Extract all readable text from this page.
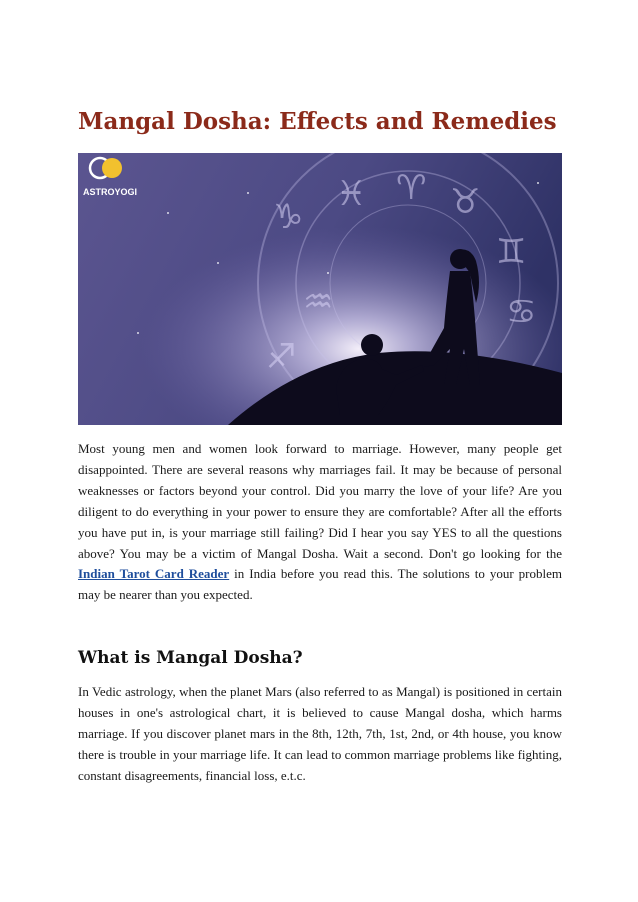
Mangal Dosha: Effects and Remedies
♑
♓ ♈ ♉
♊
♋
♒
♐
ASTROYOGI

Most young men and women look forward to marriage. However, many people get disappointed. There are several reasons why marriages fail. It may be because of personal weaknesses or factors beyond your control. Did you marry the love of your life? Are you diligent to do everything in your power to ensure they are comfortable? After all the efforts you have put in, is your marriage still failing? Did I hear you say YES to all the questions above? You may be a victim of Mangal Dosha. Wait a second. Don't go looking for the Indian Tarot Card Reader in India before you read this. The solutions to your problem may be nearer than you expected.

What is Mangal Dosha?

In Vedic astrology, when the planet Mars (also referred to as Mangal) is positioned in certain houses in one's astrological chart, it is believed to cause Mangal dosha, which harms marriage. If you discover planet mars in the 8th, 12th, 7th, 1st, 2nd, or 4th house, you know there is trouble in your marriage life. It can lead to common marriage problems like fighting, constant disagreements, financial loss, e.t.c.
